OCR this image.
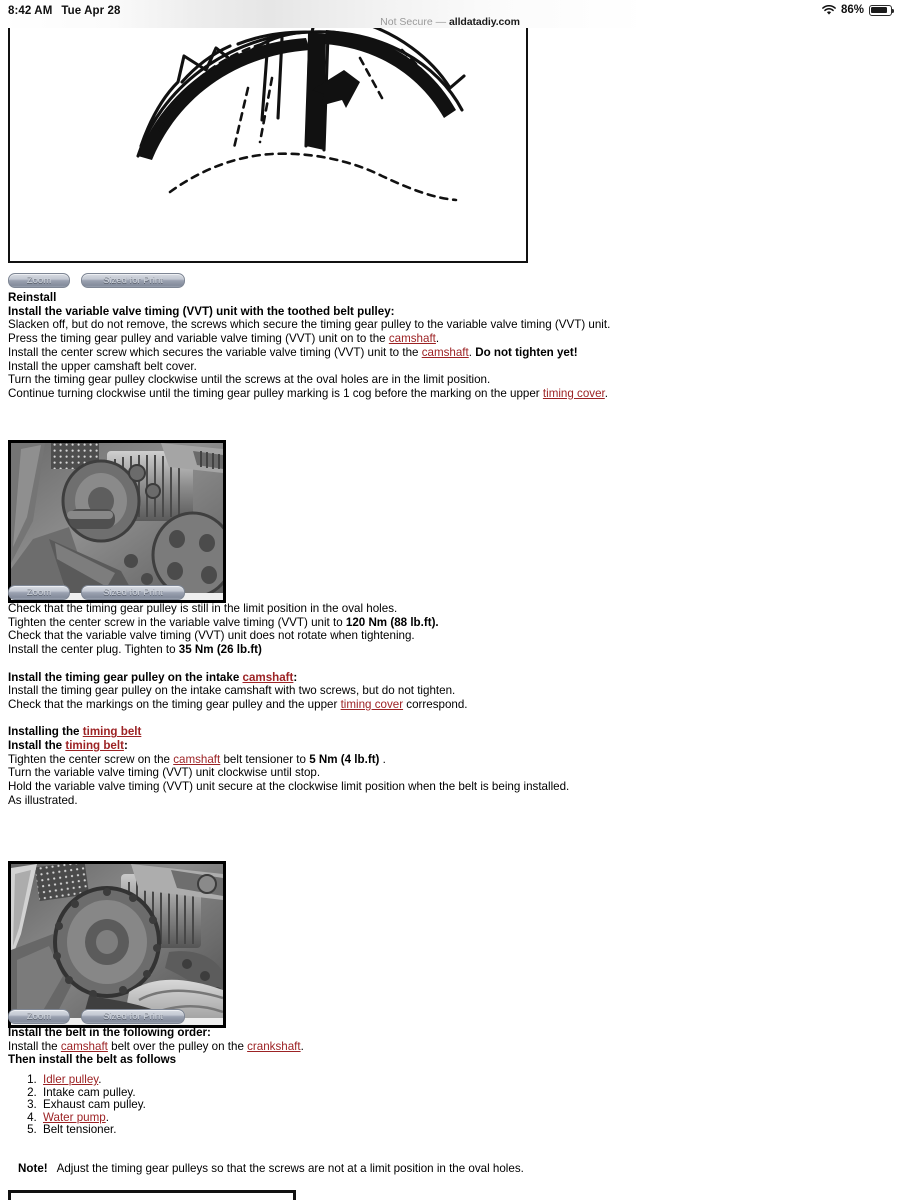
8:42 AM Tue Apr 28
Not Secure — alldatadiy.com
86%
Zoom	Sized for Print

Reinstall

Install the variable valve timing (VVT) unit with the toothed belt pulley:

Slacken off, but do not remove, the screws which secure the timing gear pulley to the variable valve timing (VVT) unit.

Press the timing gear pulley and variable valve timing (VVT) unit on to the camshaft.

Install the center screw which secures the variable valve timing (VVT) unit to the camshaft. Do not tighten yet!

Install the upper camshaft belt cover.

Turn the timing gear pulley clockwise until the screws at the oval holes are in the limit position.

Continue turning clockwise until the timing gear pulley marking is 1 cog before the marking on the upper timing cover.

Zoom	Sized for Print

Check that the timing gear pulley is still in the limit position in the oval holes.

Tighten the center screw in the variable valve timing (VVT) unit to 120 Nm (88 lb.ft).

Check that the variable valve timing (VVT) unit does not rotate when tightening.

Install the center plug. Tighten to 35 Nm (26 lb.ft)

Install the timing gear pulley on the intake camshaft:

Install the timing gear pulley on the intake camshaft with two screws, but do not tighten.

Check that the markings on the timing gear pulley and the upper timing cover correspond.

Installing the timing belt

Install the timing belt:

Tighten the center screw on the camshaft belt tensioner to 5 Nm (4 lb.ft) .

Turn the variable valve timing (VVT) unit clockwise until stop.

Hold the variable valve timing (VVT) unit secure at the clockwise limit position when the belt is being installed.

As illustrated.

Zoom	Sized for Print

Install the belt in the following order:

Install the camshaft belt over the pulley on the crankshaft.

Then install the belt as follows

1. Idler pulley.
2. Intake cam pulley.
3. Exhaust cam pulley.
4. Water pump.
5. Belt tensioner.
Note! Adjust the timing gear pulleys so that the screws are not at a limit position in the oval holes.
